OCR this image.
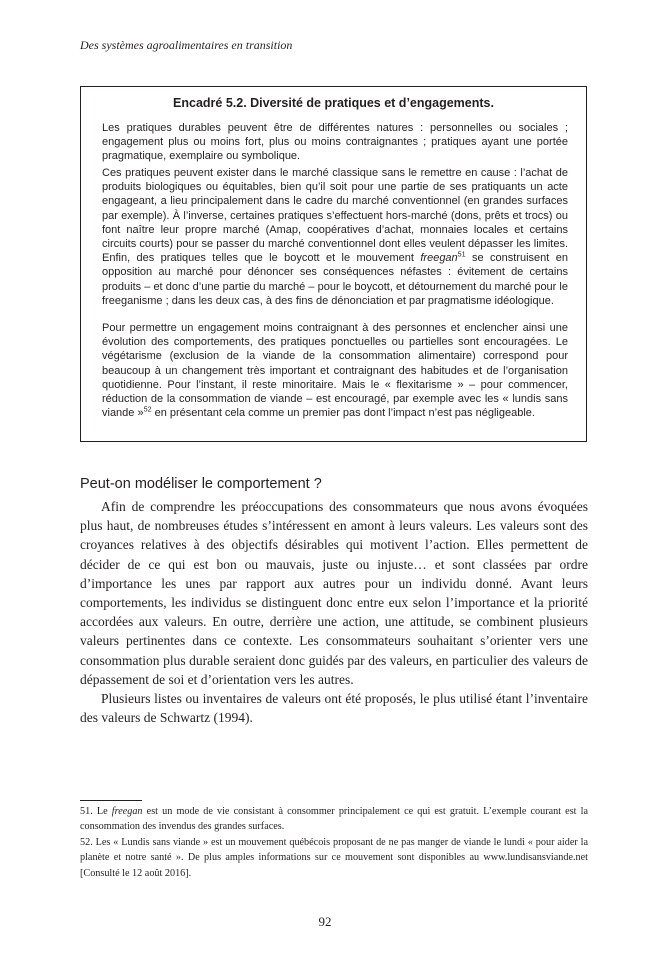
Des systèmes agroalimentaires en transition
Encadré 5.2. Diversité de pratiques et d’engagements.

Les pratiques durables peuvent être de différentes natures : personnelles ou sociales ; engagement plus ou moins fort, plus ou moins contraignantes ; pratiques ayant une portée pragmatique, exemplaire ou symbolique.

Ces pratiques peuvent exister dans le marché classique sans le remettre en cause : l’achat de produits biologiques ou équitables, bien qu’il soit pour une partie de ses pratiquants un acte engageant, a lieu principalement dans le cadre du marché conventionnel (en grandes surfaces par exemple). À l’inverse, certaines pratiques s’effectuent hors-marché (dons, prêts et trocs) ou font naître leur propre marché (Amap, coopératives d’achat, monnaies locales et certains circuits courts) pour se passer du marché conventionnel dont elles veulent dépasser les limites. Enfin, des pratiques telles que le boycott et le mouvement freegan$^{51}$ se construisent en opposition au marché pour dénoncer ses conséquences néfastes : évitement de certains produits – et donc d’une partie du marché – pour le boycott, et détournement du marché pour le freeganisme ; dans les deux cas, à des fins de dénonciation et par pragmatisme idéologique.

Pour permettre un engagement moins contraignant à des personnes et enclencher ainsi une évolution des comportements, des pratiques ponctuelles ou partielles sont encouragées. Le végétarisme (exclusion de la viande de la consommation alimentaire) correspond pour beaucoup à un changement très important et contraignant des habitudes et de l’organisation quotidienne. Pour l’instant, il reste minoritaire. Mais le « flexitarisme » – pour commencer, réduction de la consommation de viande – est encouragé, par exemple avec les « lundis sans viande »$^{52}$ en présentant cela comme un premier pas dont l’impact n’est pas négligeable.

Peut-on modéliser le comportement ?

Afin de comprendre les préoccupations des consommateurs que nous avons évoquées plus haut, de nombreuses études s’intéressent en amont à leurs valeurs. Les valeurs sont des croyances relatives à des objectifs désirables qui motivent l’action. Elles permettent de décider de ce qui est bon ou mauvais, juste ou injuste… et sont classées par ordre d’importance les unes par rapport aux autres pour un individu donné. Avant leurs comportements, les individus se distinguent donc entre eux selon l’importance et la priorité accordées aux valeurs. En outre, derrière une action, une attitude, se combinent plusieurs valeurs pertinentes dans ce contexte. Les consommateurs souhaitant s’orienter vers une consommation plus durable seraient donc guidés par des valeurs, en particulier des valeurs de dépassement de soi et d’orientation vers les autres.

Plusieurs listes ou inventaires de valeurs ont été proposés, le plus utilisé étant l’inventaire des valeurs de Schwartz (1994).

51. Le freegan est un mode de vie consistant à consommer principalement ce qui est gratuit. L’exemple courant est la consommation des invendus des grandes surfaces.

52. Les « Lundis sans viande » est un mouvement québécois proposant de ne pas manger de viande le lundi « pour aider la planète et notre santé ». De plus amples informations sur ce mouvement sont disponibles au www.lundisansviande.net [Consulté le 12 août 2016].

92
